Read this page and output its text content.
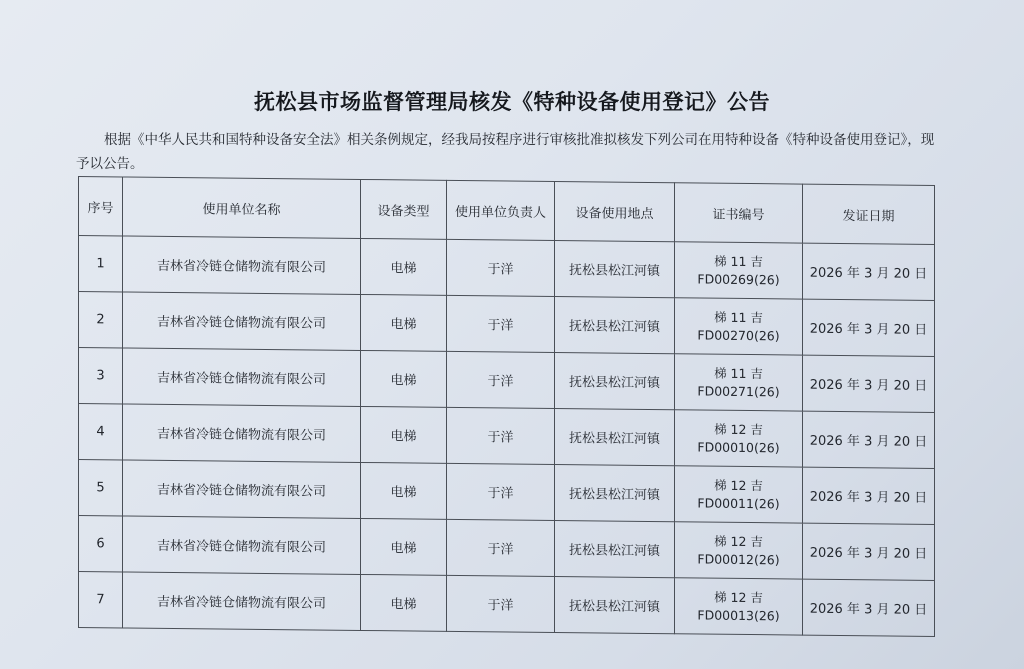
抚松县市场监督管理局核发《特种设备使用登记》公告
根据《中华人民共和国特种设备安全法》相关条例规定，经我局按程序进行审核批准拟核发下列公司在用特种设备《特种设备使用登记》，现予以公告。
序号	使用单位名称	设备类型	使用单位负责人	设备使用地点	证书编号	发证日期
1	吉林省冷链仓储物流有限公司	电梯	于洋	抚松县松江河镇	梯 11 吉
FD00269(26)	2026 年 3 月 20 日
2	吉林省冷链仓储物流有限公司	电梯	于洋	抚松县松江河镇	梯 11 吉
FD00270(26)	2026 年 3 月 20 日
3	吉林省冷链仓储物流有限公司	电梯	于洋	抚松县松江河镇	梯 11 吉
FD00271(26)	2026 年 3 月 20 日
4	吉林省冷链仓储物流有限公司	电梯	于洋	抚松县松江河镇	梯 12 吉
FD00010(26)	2026 年 3 月 20 日
5	吉林省冷链仓储物流有限公司	电梯	于洋	抚松县松江河镇	梯 12 吉
FD00011(26)	2026 年 3 月 20 日
6	吉林省冷链仓储物流有限公司	电梯	于洋	抚松县松江河镇	梯 12 吉
FD00012(26)	2026 年 3 月 20 日
7	吉林省冷链仓储物流有限公司	电梯	于洋	抚松县松江河镇	梯 12 吉
FD00013(26)	2026 年 3 月 20 日
